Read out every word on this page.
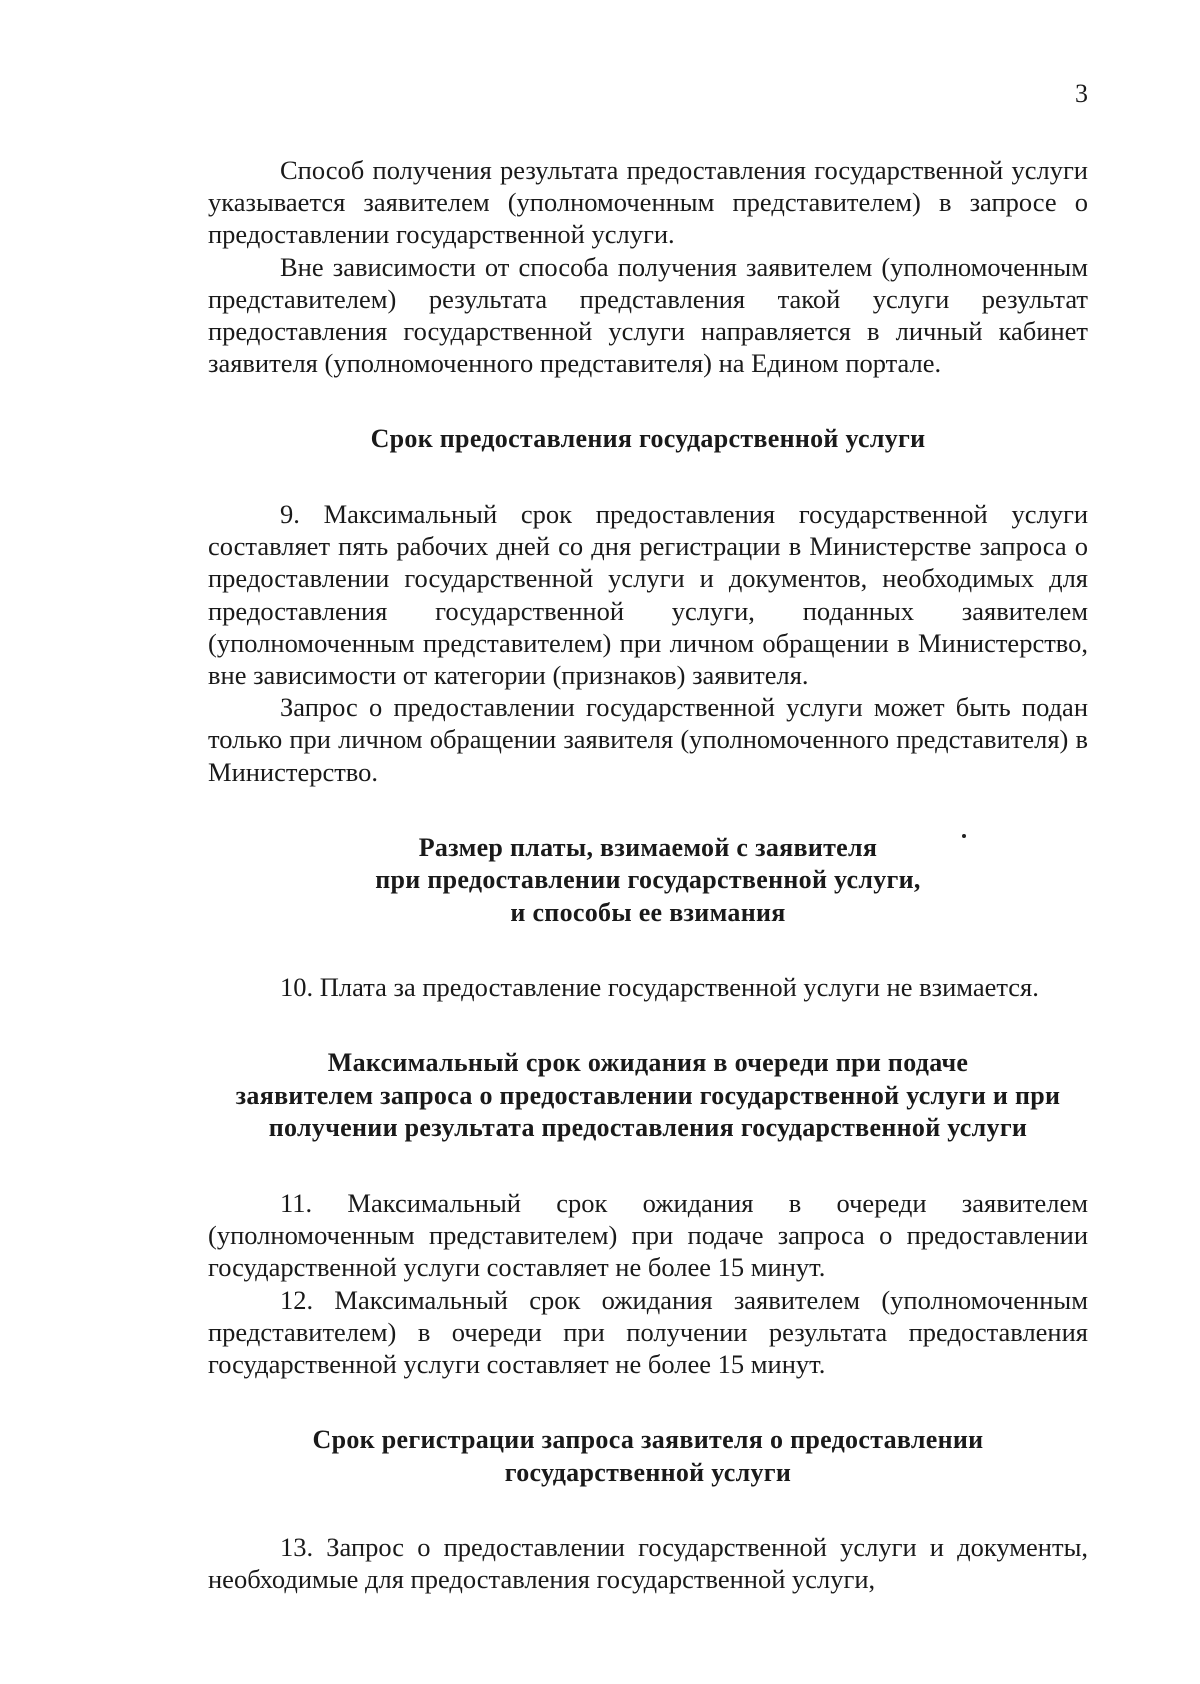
3

Способ получения результата предоставления государственной услуги указывается заявителем (уполномоченным представителем) в запросе о предоставлении государственной услуги.

Вне зависимости от способа получения заявителем (уполномоченным представителем) результата представления такой услуги результат предоставления государственной услуги направляется в личный кабинет заявителя (уполномоченного представителя) на Едином портале.

Срок предоставления государственной услуги

9. Максимальный срок предоставления государственной услуги составляет пять рабочих дней со дня регистрации в Министерстве запроса о предоставлении государственной услуги и документов, необходимых для предоставления государственной услуги, поданных заявителем (уполномоченным представителем) при личном обращении в Министерство, вне зависимости от категории (признаков) заявителя.

Запрос о предоставлении государственной услуги может быть подан только при личном обращении заявителя (уполномоченного представителя) в Министерство.

Размер платы, взимаемой с заявителя
при предоставлении государственной услуги,
и способы ее взимания

10. Плата за предоставление государственной услуги не взимается.

Максимальный срок ожидания в очереди при подаче
заявителем запроса о предоставлении государственной услуги и при
получении результата предоставления государственной услуги

11. Максимальный срок ожидания в очереди заявителем (уполномоченным представителем) при подаче запроса о предоставлении государственной услуги составляет не более 15 минут.

12. Максимальный срок ожидания заявителем (уполномоченным представителем) в очереди при получении результата предоставления государственной услуги составляет не более 15 минут.

Срок регистрации запроса заявителя о предоставлении
государственной услуги

13. Запрос о предоставлении государственной услуги и документы, необходимые для предоставления государственной услуги,
